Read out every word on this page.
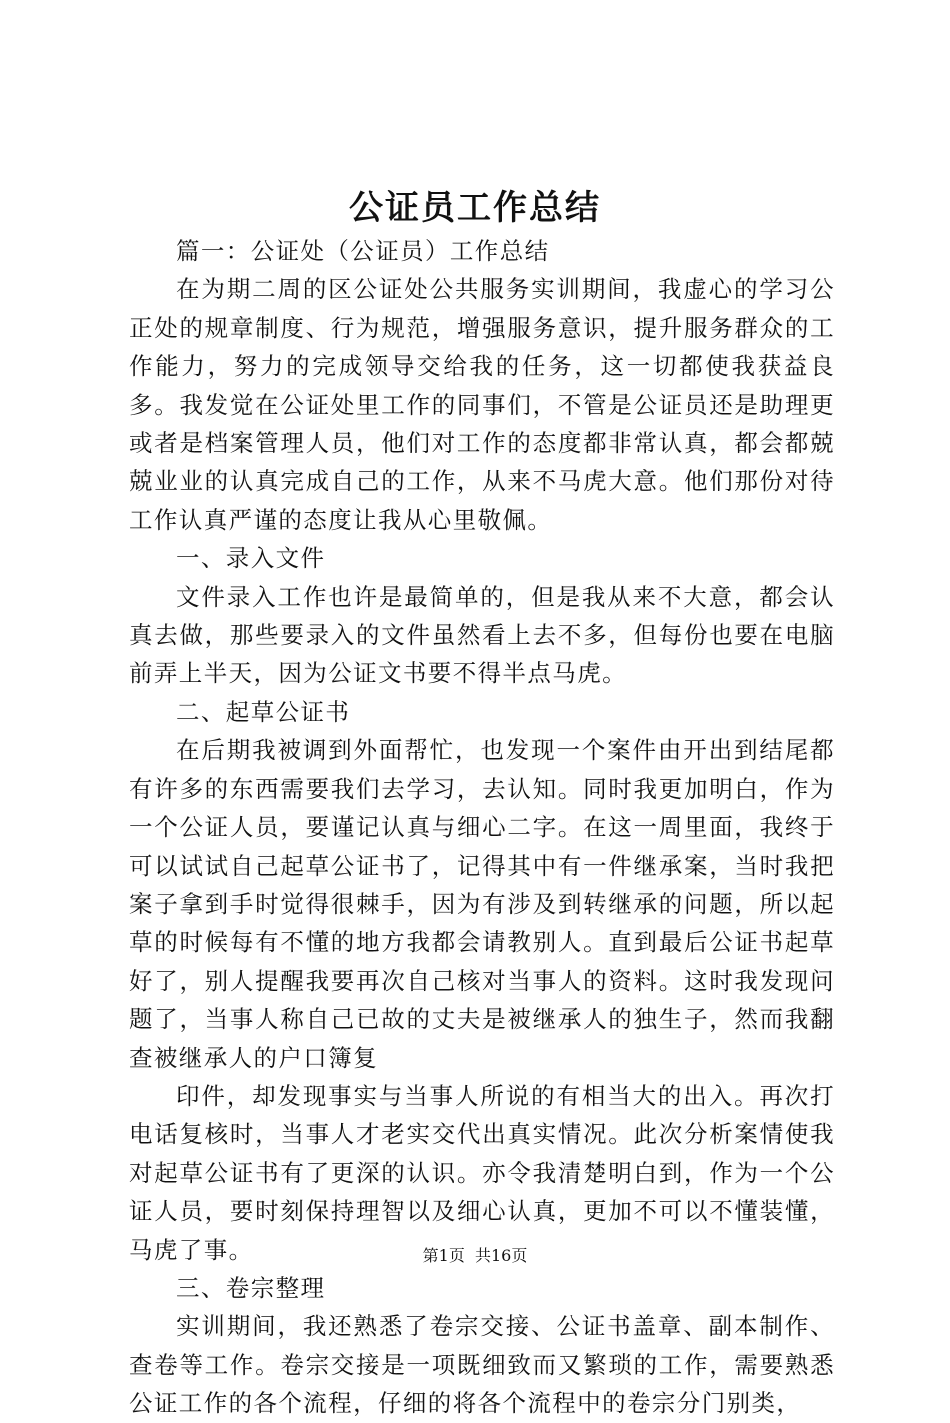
公证员工作总结

篇一：公证处（公证员）工作总结

在为期二周的区公证处公共服务实训期间，我虚心的学习公正处的规章制度、行为规范，增强服务意识，提升服务群众的工作能力，努力的完成领导交给我的任务，这一切都使我获益良多。我发觉在公证处里工作的同事们，不管是公证员还是助理更或者是档案管理人员，他们对工作的态度都非常认真，都会都兢兢业业的认真完成自己的工作，从来不马虎大意。他们那份对待工作认真严谨的态度让我从心里敬佩。

一、录入文件

文件录入工作也许是最简单的，但是我从来不大意，都会认真去做，那些要录入的文件虽然看上去不多，但每份也要在电脑前弄上半天，因为公证文书要不得半点马虎。

二、起草公证书

在后期我被调到外面帮忙，也发现一个案件由开出到结尾都有许多的东西需要我们去学习，去认知。同时我更加明白，作为一个公证人员，要谨记认真与细心二字。在这一周里面，我终于可以试试自己起草公证书了，记得其中有一件继承案，当时我把案子拿到手时觉得很棘手，因为有涉及到转继承的问题，所以起草的时候每有不懂的地方我都会请教别人。直到最后公证书起草好了，别人提醒我要再次自己核对当事人的资料。这时我发现问题了，当事人称自己已故的丈夫是被继承人的独生子，然而我翻查被继承人的户口簿复

印件，却发现事实与当事人所说的有相当大的出入。再次打电话复核时，当事人才老实交代出真实情况。此次分析案情使我对起草公证书有了更深的认识。亦令我清楚明白到，作为一个公证人员，要时刻保持理智以及细心认真，更加不可以不懂装懂，马虎了事。

三、卷宗整理

实训期间，我还熟悉了卷宗交接、公证书盖章、副本制作、查卷等工作。卷宗交接是一项既细致而又繁琐的工作，需要熟悉公证工作的各个流程，仔细的将各个流程中的卷宗分门别类，

第1页  共16页
